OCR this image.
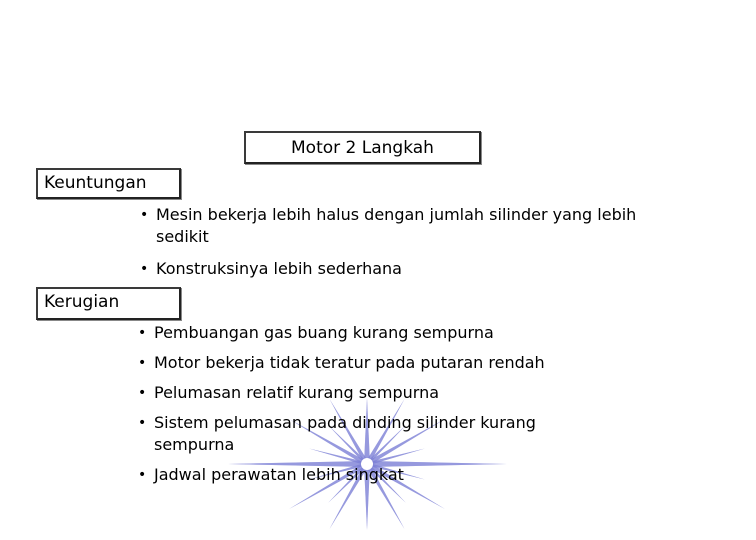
Motor 2 Langkah
Keuntungan
• Mesin bekerja lebih halus dengan jumlah silinder yang lebih sedikit
• Konstruksinya lebih sederhana
Kerugian
• Pembuangan gas buang kurang sempurna
• Motor bekerja tidak teratur pada putaran rendah
• Pelumasan relatif kurang sempurna
• Sistem pelumasan pada dinding silinder kurang sempurna
• Jadwal perawatan lebih singkat
